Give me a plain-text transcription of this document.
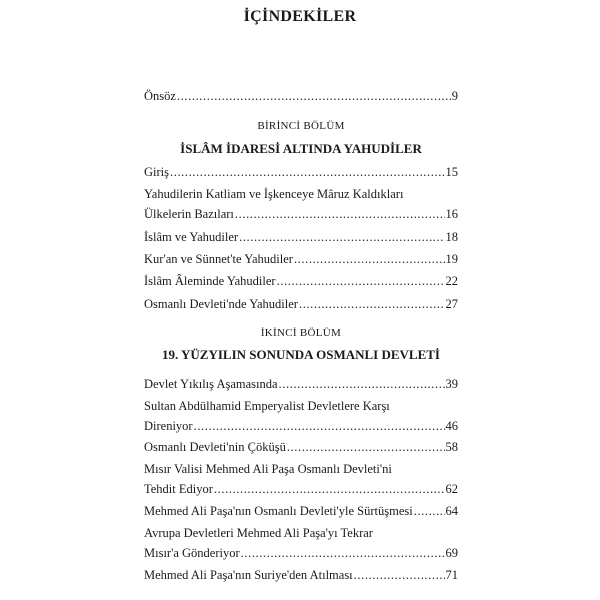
İÇİNDEKİLER
Önsöz .....	9
BİRİNCİ BÖLÜM
İSLÂM İDARESİ ALTINDA YAHUDİLER
Giriş .....	15
Yahudilerin Katliam ve İşkenceye Mâruz Kaldıkları
Ülkelerin Bazıları .....	16
İslâm ve Yahudiler .....	18
Kur'an ve Sünnet'te Yahudiler .....	19
İslâm Âleminde Yahudiler .....	22
Osmanlı Devleti'nde Yahudiler .....	27
İKİNCİ BÖLÜM
19. YÜZYILIN SONUNDA OSMANLI DEVLETİ
Devlet Yıkılış Aşamasında .....	39
Sultan Abdülhamid Emperyalist Devletlere Karşı
Direniyor .....	46
Osmanlı Devleti'nin Çöküşü .....	58
Mısır Valisi Mehmed Ali Paşa Osmanlı Devleti'ni
Tehdit Ediyor .....	62
Mehmed Ali Paşa'nın Osmanlı Devleti'yle Sürtüşmesi .....	64
Avrupa Devletleri Mehmed Ali Paşa'yı Tekrar
Mısır'a Gönderiyor .....	69
Mehmed Ali Paşa'nın Suriye'den Atılması .....	71
